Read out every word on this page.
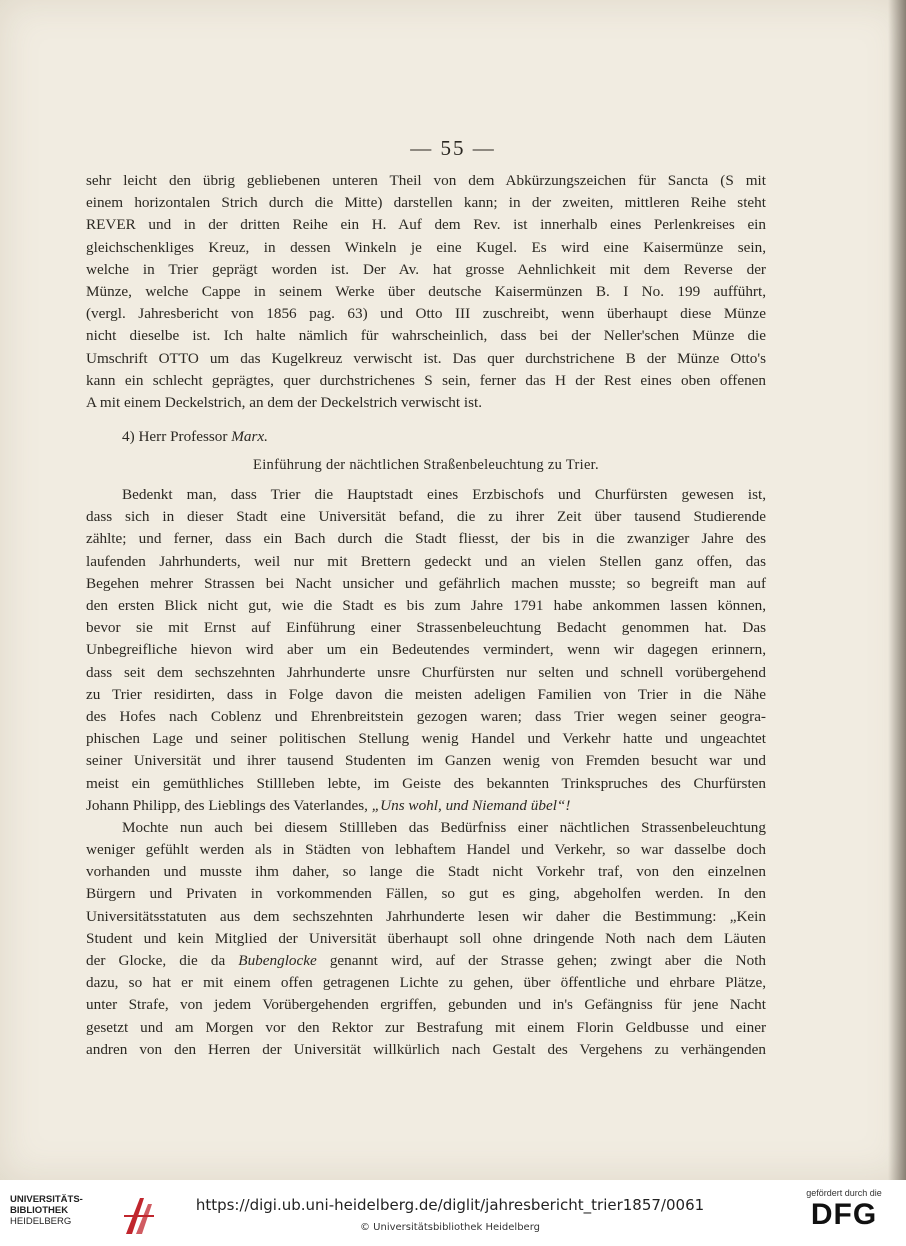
— 55 —
sehr leicht den übrig gebliebenen unteren Theil von dem Abkürzungszeichen für Sancta (S mit
einem horizontalen Strich durch die Mitte) darstellen kann; in der zweiten, mittleren Reihe steht
REVER und in der dritten Reihe ein H. Auf dem Rev. ist innerhalb eines Perlenkreises ein
gleichschenkliges Kreuz, in dessen Winkeln je eine Kugel. Es wird eine Kaisermünze sein,
welche in Trier geprägt worden ist. Der Av. hat grosse Aehnlichkeit mit dem Reverse der
Münze, welche Cappe in seinem Werke über deutsche Kaisermünzen B. I No. 199 aufführt,
(vergl. Jahresbericht von 1856 pag. 63) und Otto III zuschreibt, wenn überhaupt diese Münze
nicht dieselbe ist. Ich halte nämlich für wahrscheinlich, dass bei der Neller'schen Münze die
Umschrift OTTO um das Kugelkreuz verwischt ist. Das quer durchstrichene B der Münze Otto's
kann ein schlecht geprägtes, quer durchstrichenes S sein, ferner das H der Rest eines oben offenen
A mit einem Deckelstrich, an dem der Deckelstrich verwischt ist.
4) Herr Professor Marx.
Einführung der nächtlichen Straßenbeleuchtung zu Trier.
Bedenkt man, dass Trier die Hauptstadt eines Erzbischofs und Churfürsten gewesen ist,
dass sich in dieser Stadt eine Universität befand, die zu ihrer Zeit über tausend Studierende
zählte; und ferner, dass ein Bach durch die Stadt fliesst, der bis in die zwanziger Jahre des
laufenden Jahrhunderts, weil nur mit Brettern gedeckt und an vielen Stellen ganz offen, das
Begehen mehrer Strassen bei Nacht unsicher und gefährlich machen musste; so begreift man auf
den ersten Blick nicht gut, wie die Stadt es bis zum Jahre 1791 habe ankommen lassen können,
bevor sie mit Ernst auf Einführung einer Strassenbeleuchtung Bedacht genommen hat. Das
Unbegreifliche hievon wird aber um ein Bedeutendes vermindert, wenn wir dagegen erinnern,
dass seit dem sechszehnten Jahrhunderte unsre Churfürsten nur selten und schnell vorübergehend
zu Trier residirten, dass in Folge davon die meisten adeligen Familien von Trier in die Nähe
des Hofes nach Coblenz und Ehrenbreitstein gezogen waren; dass Trier wegen seiner geogra-
phischen Lage und seiner politischen Stellung wenig Handel und Verkehr hatte und ungeachtet
seiner Universität und ihrer tausend Studenten im Ganzen wenig von Fremden besucht war und
meist ein gemüthliches Stillleben lebte, im Geiste des bekannten Trinkspruches des Churfürsten
Johann Philipp, des Lieblings des Vaterlandes, „Uns wohl, und Niemand übel“!
Mochte nun auch bei diesem Stillleben das Bedürfniss einer nächtlichen Strassenbeleuchtung
weniger gefühlt werden als in Städten von lebhaftem Handel und Verkehr, so war dasselbe doch
vorhanden und musste ihm daher, so lange die Stadt nicht Vorkehr traf, von den einzelnen
Bürgern und Privaten in vorkommenden Fällen, so gut es ging, abgeholfen werden. In den
Universitätsstatuten aus dem sechszehnten Jahrhunderte lesen wir daher die Bestimmung: „Kein
Student und kein Mitglied der Universität überhaupt soll ohne dringende Noth nach dem Läuten
der Glocke, die da Bubenglocke genannt wird, auf der Strasse gehen; zwingt aber die Noth
dazu, so hat er mit einem offen getragenen Lichte zu gehen, über öffentliche und ehrbare Plätze,
unter Strafe, von jedem Vorübergehenden ergriffen, gebunden und in's Gefängniss für jene Nacht
gesetzt und am Morgen vor den Rektor zur Bestrafung mit einem Florin Geldbusse und einer
andren von den Herren der Universität willkürlich nach Gestalt des Vergehens zu verhängenden
UNIVERSITÄTS-
BIBLIOTHEK
HEIDELBERG
https://digi.ub.uni-heidelberg.de/diglit/jahresbericht_trier1857/0061
© Universitätsbibliothek Heidelberg
gefördert durch die
DFG
